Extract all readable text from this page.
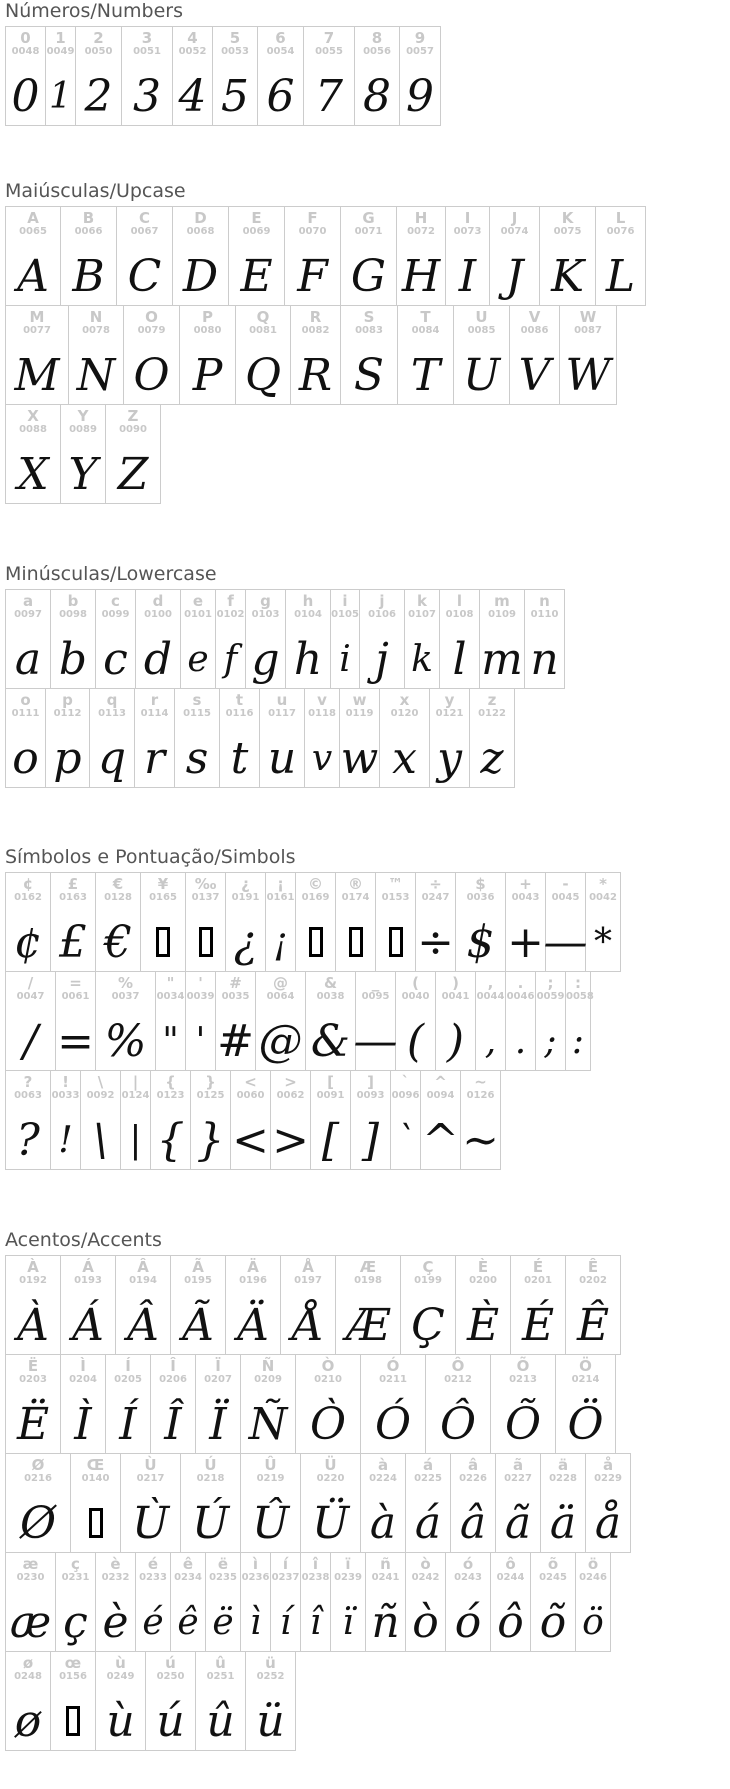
Números/Numbers
0
0048
0
1
0049
1
2
0050
2
3
0051
3
4
0052
4
5
0053
5
6
0054
6
7
0055
7
8
0056
8
9
0057
9
Maiúsculas/Upcase
A
0065
A
B
0066
B
C
0067
C
D
0068
D
E
0069
E
F
0070
F
G
0071
G
H
0072
H
I
0073
I
J
0074
J
K
0075
K
L
0076
L
M
0077
M
N
0078
N
O
0079
O
P
0080
P
Q
0081
Q
R
0082
R
S
0083
S
T
0084
T
U
0085
U
V
0086
V
W
0087
W
X
0088
X
Y
0089
Y
Z
0090
Z
Minúsculas/Lowercase
a
0097
a
b
0098
b
c
0099
c
d
0100
d
e
0101
e
f
0102
f
g
0103
g
h
0104
h
i
0105
i
j
0106
j
k
0107
k
l
0108
l
m
0109
m
n
0110
n
o
0111
o
p
0112
p
q
0113
q
r
0114
r
s
0115
s
t
0116
t
u
0117
u
v
0118
v
w
0119
w
x
0120
x
y
0121
y
z
0122
z
Símbolos e Pontuação/Simbols
¢
0162
¢
£
0163
£
€
0128
€
¥
0165
‰
0137
¿
0191
¿
¡
0161
¡
©
0169
®
0174
™
0153
÷
0247
÷
$
0036
$
+
0043
+
-
0045
—
*
0042
*
/
0047
/
=
0061
=
%
0037
%
"
0034
"
'
0039
'
#
0035
#
@
0064
@
&
0038
&
_
0095
—
(
0040
(
)
0041
)
,
0044
,
.
0046
.
;
0059
;
:
0058
:
?
0063
?
!
0033
!
\
0092
\
|
0124
|
{
0123
{
}
0125
}
<
0060
<
>
0062
>
[
0091
[
]
0093
]
`
0096
`
^
0094
^
~
0126
~
Acentos/Accents
À
0192
À
Á
0193
Á
Â
0194
Â
Ã
0195
Ã
Ä
0196
Ä
Å
0197
Å
Æ
0198
Æ
Ç
0199
Ç
È
0200
È
É
0201
É
Ê
0202
Ê
Ë
0203
Ë
Ì
0204
Ì
Í
0205
Í
Î
0206
Î
Ï
0207
Ï
Ñ
0209
Ñ
Ò
0210
Ò
Ó
0211
Ó
Ô
0212
Ô
Õ
0213
Õ
Ö
0214
Ö
Ø
0216
Ø
Œ
0140
Ù
0217
Ù
Ú
0218
Ú
Û
0219
Û
Ü
0220
Ü
à
0224
à
á
0225
á
â
0226
â
ã
0227
ã
ä
0228
ä
å
0229
å
æ
0230
æ
ç
0231
ç
è
0232
è
é
0233
é
ê
0234
ê
ë
0235
ë
ì
0236
ì
í
0237
í
î
0238
î
ï
0239
ï
ñ
0241
ñ
ò
0242
ò
ó
0243
ó
ô
0244
ô
õ
0245
õ
ö
0246
ö
ø
0248
ø
œ
0156
ù
0249
ù
ú
0250
ú
û
0251
û
ü
0252
ü
